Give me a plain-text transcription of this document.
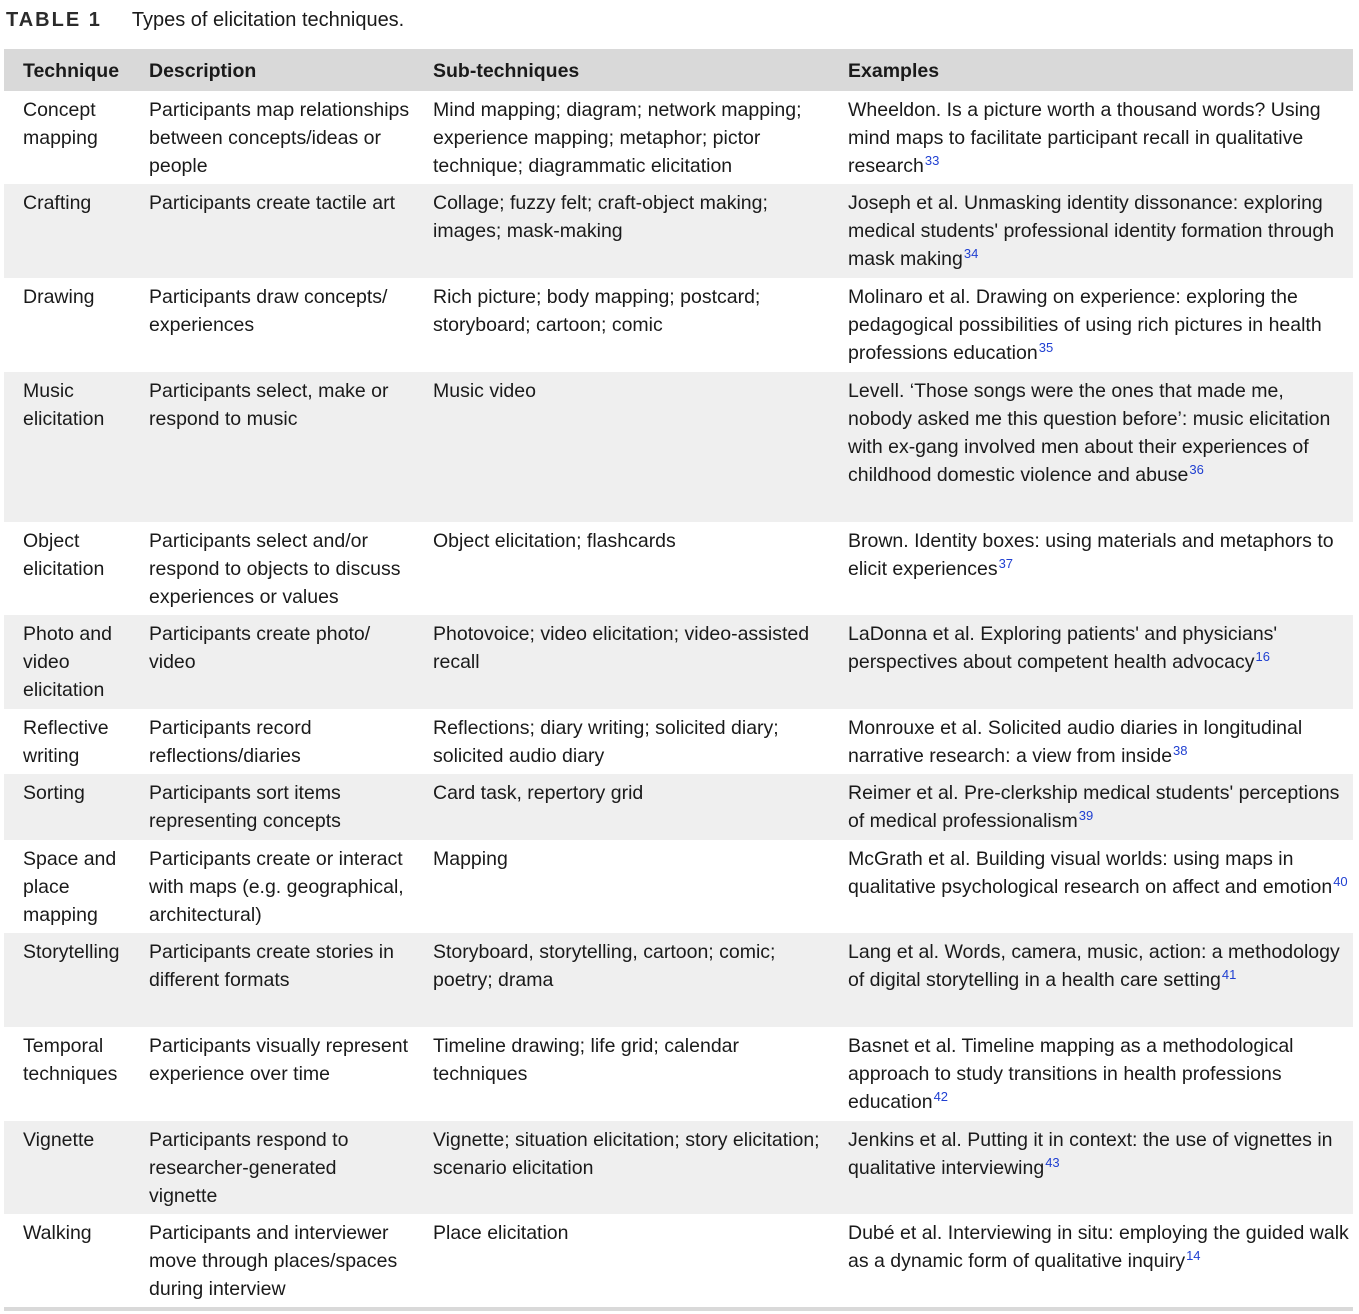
TABLE 1 Types of elicitation techniques.
Technique	Description	Sub-techniques	Examples
Concept mapping	Participants map relationships between concepts/ideas or people	Mind mapping; diagram; network mapping; experience mapping; metaphor; pictor technique; diagrammatic elicitation	Wheeldon. Is a picture worth a thousand words? Using mind maps to facilitate participant recall in qualitative research$^{33}$
Crafting	Participants create tactile art	Collage; fuzzy felt; craft-object making; images; mask-making	Joseph et al. Unmasking identity dissonance: exploring medical students' professional identity formation through mask making$^{34}$
Drawing	Participants draw concepts/ experiences	Rich picture; body mapping; postcard; storyboard; cartoon; comic	Molinaro et al. Drawing on experience: exploring the pedagogical possibilities of using rich pictures in health professions education$^{35}$
Music elicitation	Participants select, make or respond to music	Music video	Levell. ‘Those songs were the ones that made me, nobody asked me this question before’: music elicitation with ex-gang involved men about their experiences of childhood domestic violence and abuse$^{36}$
Object elicitation	Participants select and/or respond to objects to discuss experiences or values	Object elicitation; flashcards	Brown. Identity boxes: using materials and metaphors to elicit experiences$^{37}$
Photo and video elicitation	Participants create photo/ video	Photovoice; video elicitation; video-assisted recall	LaDonna et al. Exploring patients' and physicians' perspectives about competent health advocacy$^{16}$
Reflective writing	Participants record reflections/diaries	Reflections; diary writing; solicited diary; solicited audio diary	Monrouxe et al. Solicited audio diaries in longitudinal narrative research: a view from inside$^{38}$
Sorting	Participants sort items representing concepts	Card task, repertory grid	Reimer et al. Pre-clerkship medical students' perceptions of medical professionalism$^{39}$
Space and place mapping	Participants create or interact with maps (e.g. geographical, architectural)	Mapping	McGrath et al. Building visual worlds: using maps in qualitative psychological research on affect and emotion$^{40}$
Storytelling	Participants create stories in different formats	Storyboard, storytelling, cartoon; comic; poetry; drama	Lang et al. Words, camera, music, action: a methodology of digital storytelling in a health care setting$^{41}$
Temporal techniques	Participants visually represent experience over time	Timeline drawing; life grid; calendar techniques	Basnet et al. Timeline mapping as a methodological approach to study transitions in health professions education$^{42}$
Vignette	Participants respond to researcher-generated vignette	Vignette; situation elicitation; story elicitation; scenario elicitation	Jenkins et al. Putting it in context: the use of vignettes in qualitative interviewing$^{43}$
Walking	Participants and interviewer move through places/spaces during interview	Place elicitation	Dubé et al. Interviewing in situ: employing the guided walk as a dynamic form of qualitative inquiry$^{14}$
